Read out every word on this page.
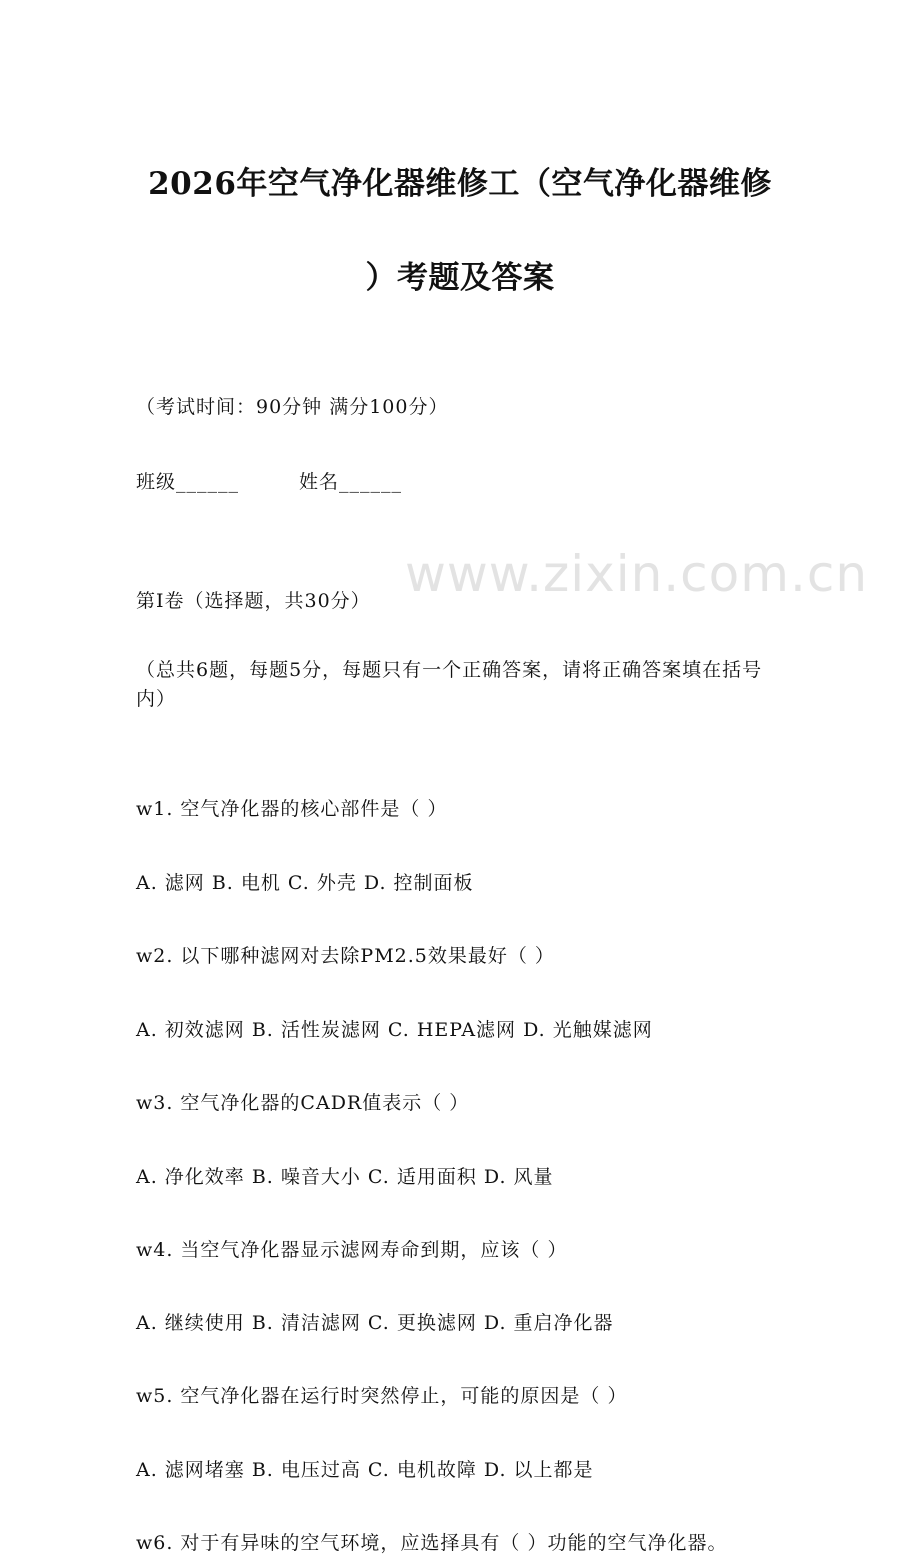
www.zixin.com.cn
2026年空气净化器维修工（空气净化器维修
）考题及答案
（考试时间：90分钟 满分100分）
班级______	姓名______
第I卷（选择题，共30分）
（总共6题，每题5分，每题只有一个正确答案，请将正确答案填在括号内）
w1. 空气净化器的核心部件是（ ）
A. 滤网 B. 电机 C. 外壳 D. 控制面板
w2. 以下哪种滤网对去除PM2.5效果最好（ ）
A. 初效滤网 B. 活性炭滤网 C. HEPA滤网 D. 光触媒滤网
w3. 空气净化器的CADR值表示（ ）
A. 净化效率 B. 噪音大小 C. 适用面积 D. 风量
w4. 当空气净化器显示滤网寿命到期，应该（ ）
A. 继续使用 B. 清洁滤网 C. 更换滤网 D. 重启净化器
w5. 空气净化器在运行时突然停止，可能的原因是（ ）
A. 滤网堵塞 B. 电压过高 C. 电机故障 D. 以上都是
w6. 对于有异味的空气环境，应选择具有（ ）功能的空气净化器。
